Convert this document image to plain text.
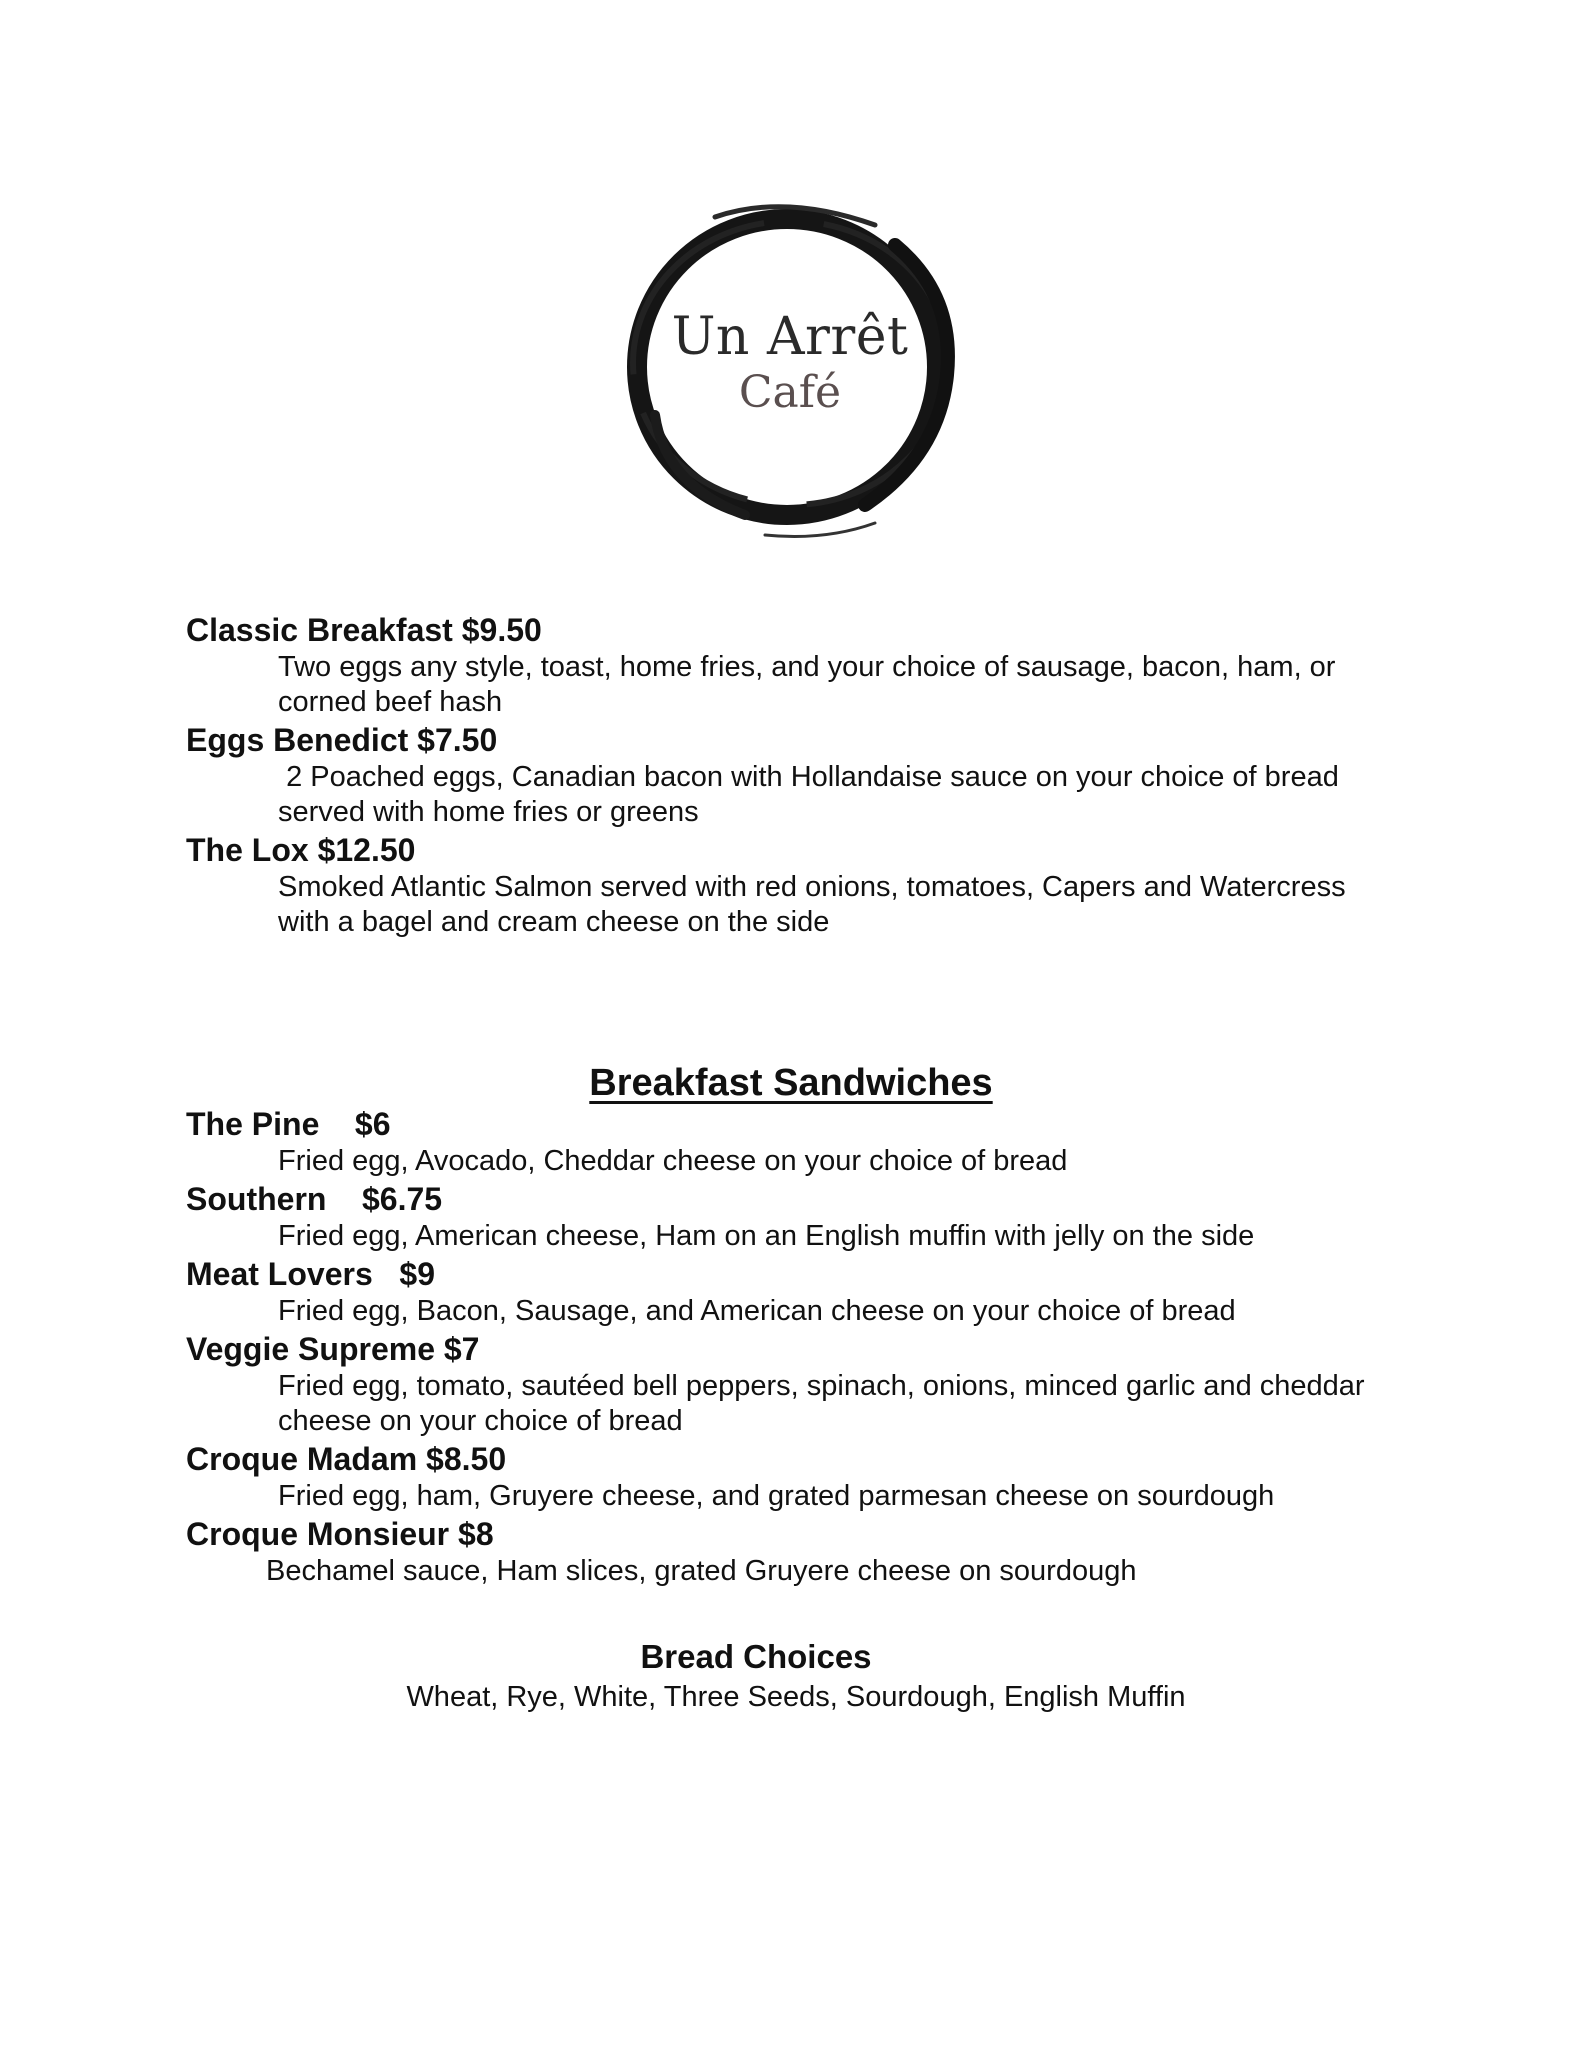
Un Arrêt
Café
Classic Breakfast $9.50
Two eggs any style, toast, home fries, and your choice of sausage, bacon, ham, or corned beef hash
Eggs Benedict $7.50
2 Poached eggs, Canadian bacon with Hollandaise sauce on your choice of bread served with home fries or greens
The Lox $12.50
Smoked Atlantic Salmon served with red onions, tomatoes, Capers and Watercress with a bagel and cream cheese on the side
Breakfast Sandwiches
The Pine    $6
Fried egg, Avocado, Cheddar cheese on your choice of bread
Southern    $6.75
Fried egg, American cheese, Ham on an English muffin with jelly on the side
Meat Lovers   $9
Fried egg, Bacon, Sausage, and American cheese on your choice of bread
Veggie Supreme $7
Fried egg, tomato, sautéed bell peppers, spinach, onions, minced garlic and cheddar cheese on your choice of bread
Croque Madam $8.50
Fried egg, ham, Gruyere cheese, and grated parmesan cheese on sourdough
Croque Monsieur $8
Bechamel sauce, Ham slices, grated Gruyere cheese on sourdough
Bread Choices
Wheat, Rye, White, Three Seeds, Sourdough, English Muffin
